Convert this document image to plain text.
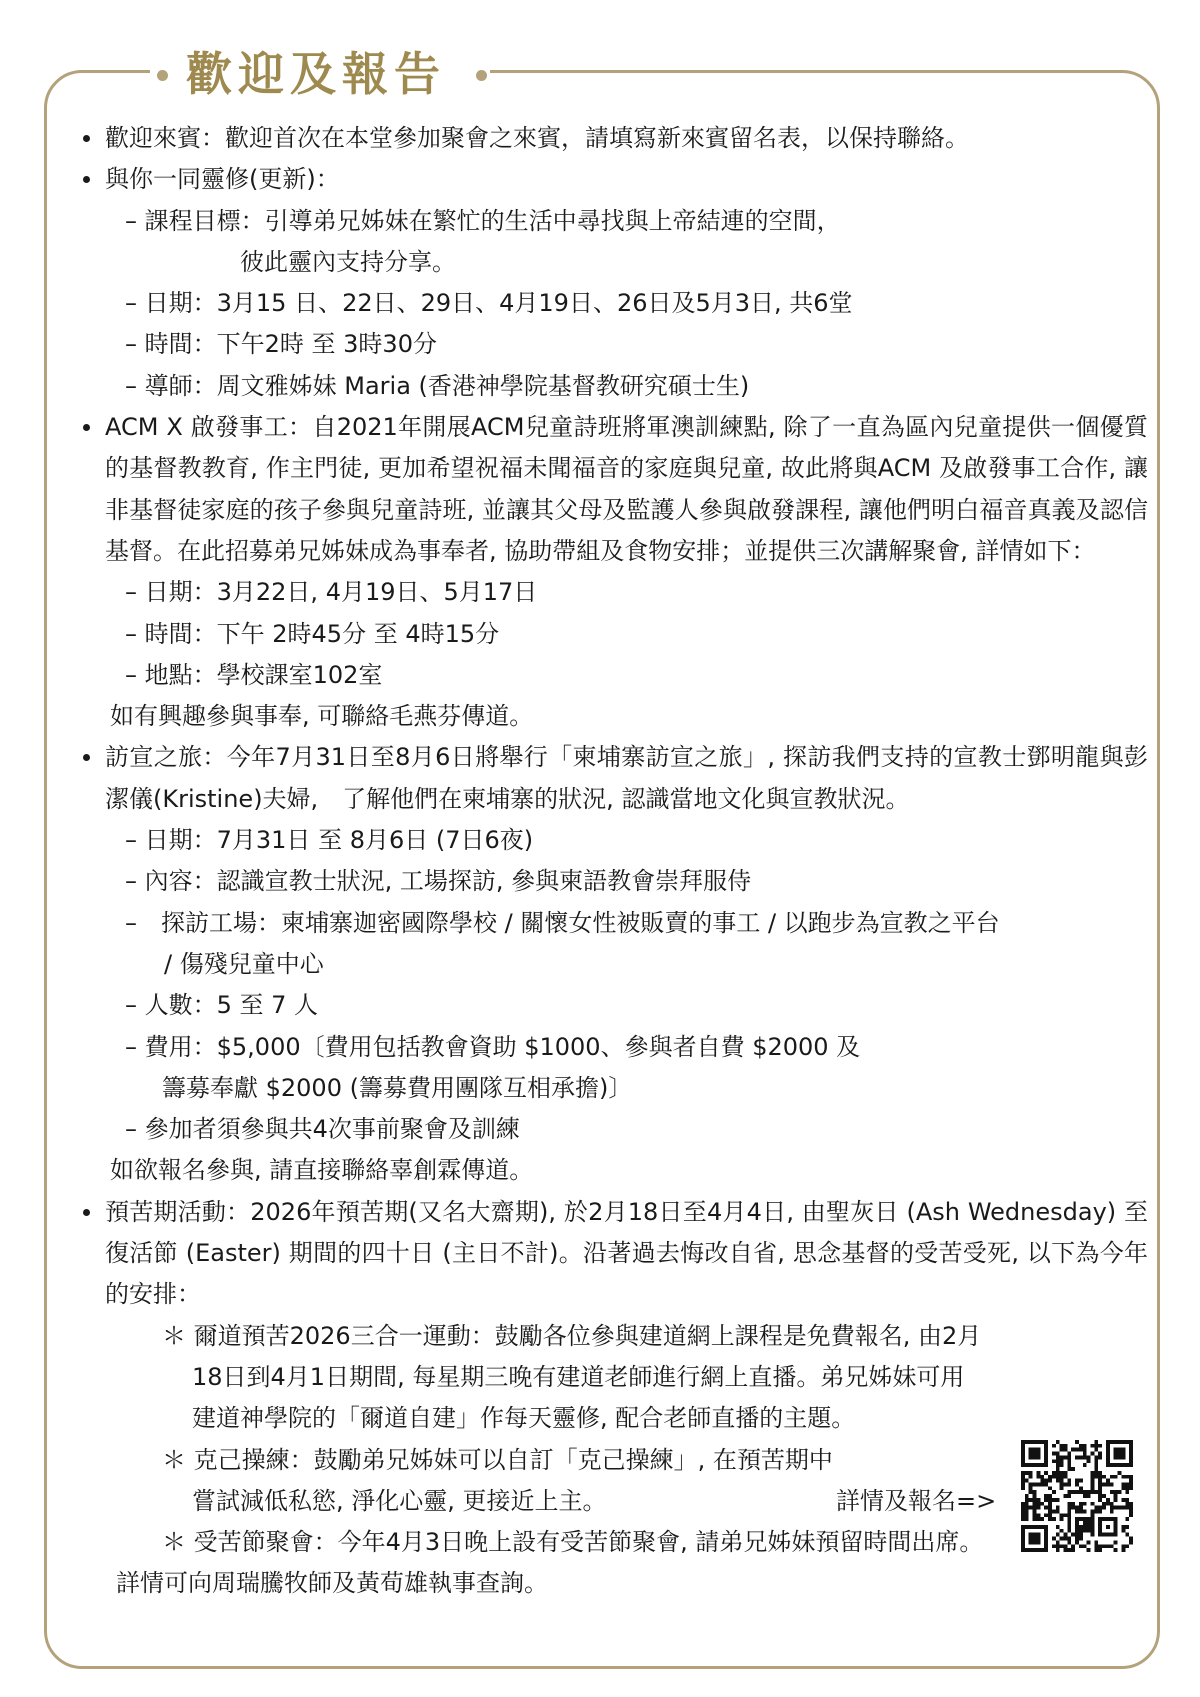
歡迎及報告
歡迎來賓：歡迎首次在本堂參加聚會之來賓，請填寫新來賓留名表，以保持聯絡。
與你一同靈修(更新)：
– 課程目標：引導弟兄姊妹在繁忙的生活中尋找與上帝結連的空間，
彼此靈內支持分享。
– 日期：3月15 日、22日、29日、4月19日、26日及5月3日, 共6堂
– 時間：下午2時 至 3時30分
– 導師：周文雅姊妹 Maria (香港神學院基督教研究碩士生)
ACM X 啟發事工：自2021年開展ACM兒童詩班將軍澳訓練點, 除了一直為區內兒童提供一個優質的基督教教育, 作主門徒, 更加希望祝福未聞福音的家庭與兒童, 故此將與ACM 及啟發事工合作, 讓非基督徒家庭的孩子參與兒童詩班, 並讓其父母及監護人參與啟發課程, 讓他們明白福音真義及認信基督。在此招募弟兄姊妹成為事奉者, 協助帶組及食物安排；並提供三次講解聚會, 詳情如下：
– 日期：3月22日, 4月19日、5月17日
– 時間：下午 2時45分 至 4時15分
– 地點：學校課室102室
如有興趣參與事奉, 可聯絡毛燕芬傳道。
訪宣之旅：今年7月31日至8月6日將舉行「柬埔寨訪宣之旅」, 探訪我們支持的宣教士鄧明龍與彭潔儀(Kristine)夫婦,　了解他們在柬埔寨的狀況, 認識當地文化與宣教狀況。
– 日期：7月31日 至 8月6日 (7日6夜)
– 內容：認識宣教士狀況, 工場探訪, 參與柬語教會崇拜服侍
–　探訪工場：柬埔寨迦密國際學校 / 關懷女性被販賣的事工 / 以跑步為宣教之平台
/ 傷殘兒童中心
– 人數：5 至 7 人
– 費用：$5,000〔費用包括教會資助 $1000、參與者自費 $2000 及
籌募奉獻 $2000 (籌募費用團隊互相承擔)〕
– 參加者須參與共4次事前聚會及訓練
如欲報名參與, 請直接聯絡辜創霖傳道。
預苦期活動：2026年預苦期(又名大齋期), 於2月18日至4月4日, 由聖灰日 (Ash Wednesday) 至復活節 (Easter) 期間的四十日 (主日不計)。沿著過去悔改自省, 思念基督的受苦受死, 以下為今年的安排：
＊ 爾道預苦2026三合一運動：鼓勵各位參與建道網上課程是免費報名, 由2月
18日到4月1日期間, 每星期三晚有建道老師進行網上直播。弟兄姊妹可用
建道神學院的「爾道自建」作每天靈修, 配合老師直播的主題。
＊ 克己操練：鼓勵弟兄姊妹可以自訂「克己操練」, 在預苦期中
嘗試減低私慾, 淨化心靈, 更接近上主。	詳情及報名=>
＊ 受苦節聚會：今年4月3日晚上設有受苦節聚會, 請弟兄姊妹預留時間出席。
詳情可向周瑞騰牧師及黃荀雄執事查詢。
